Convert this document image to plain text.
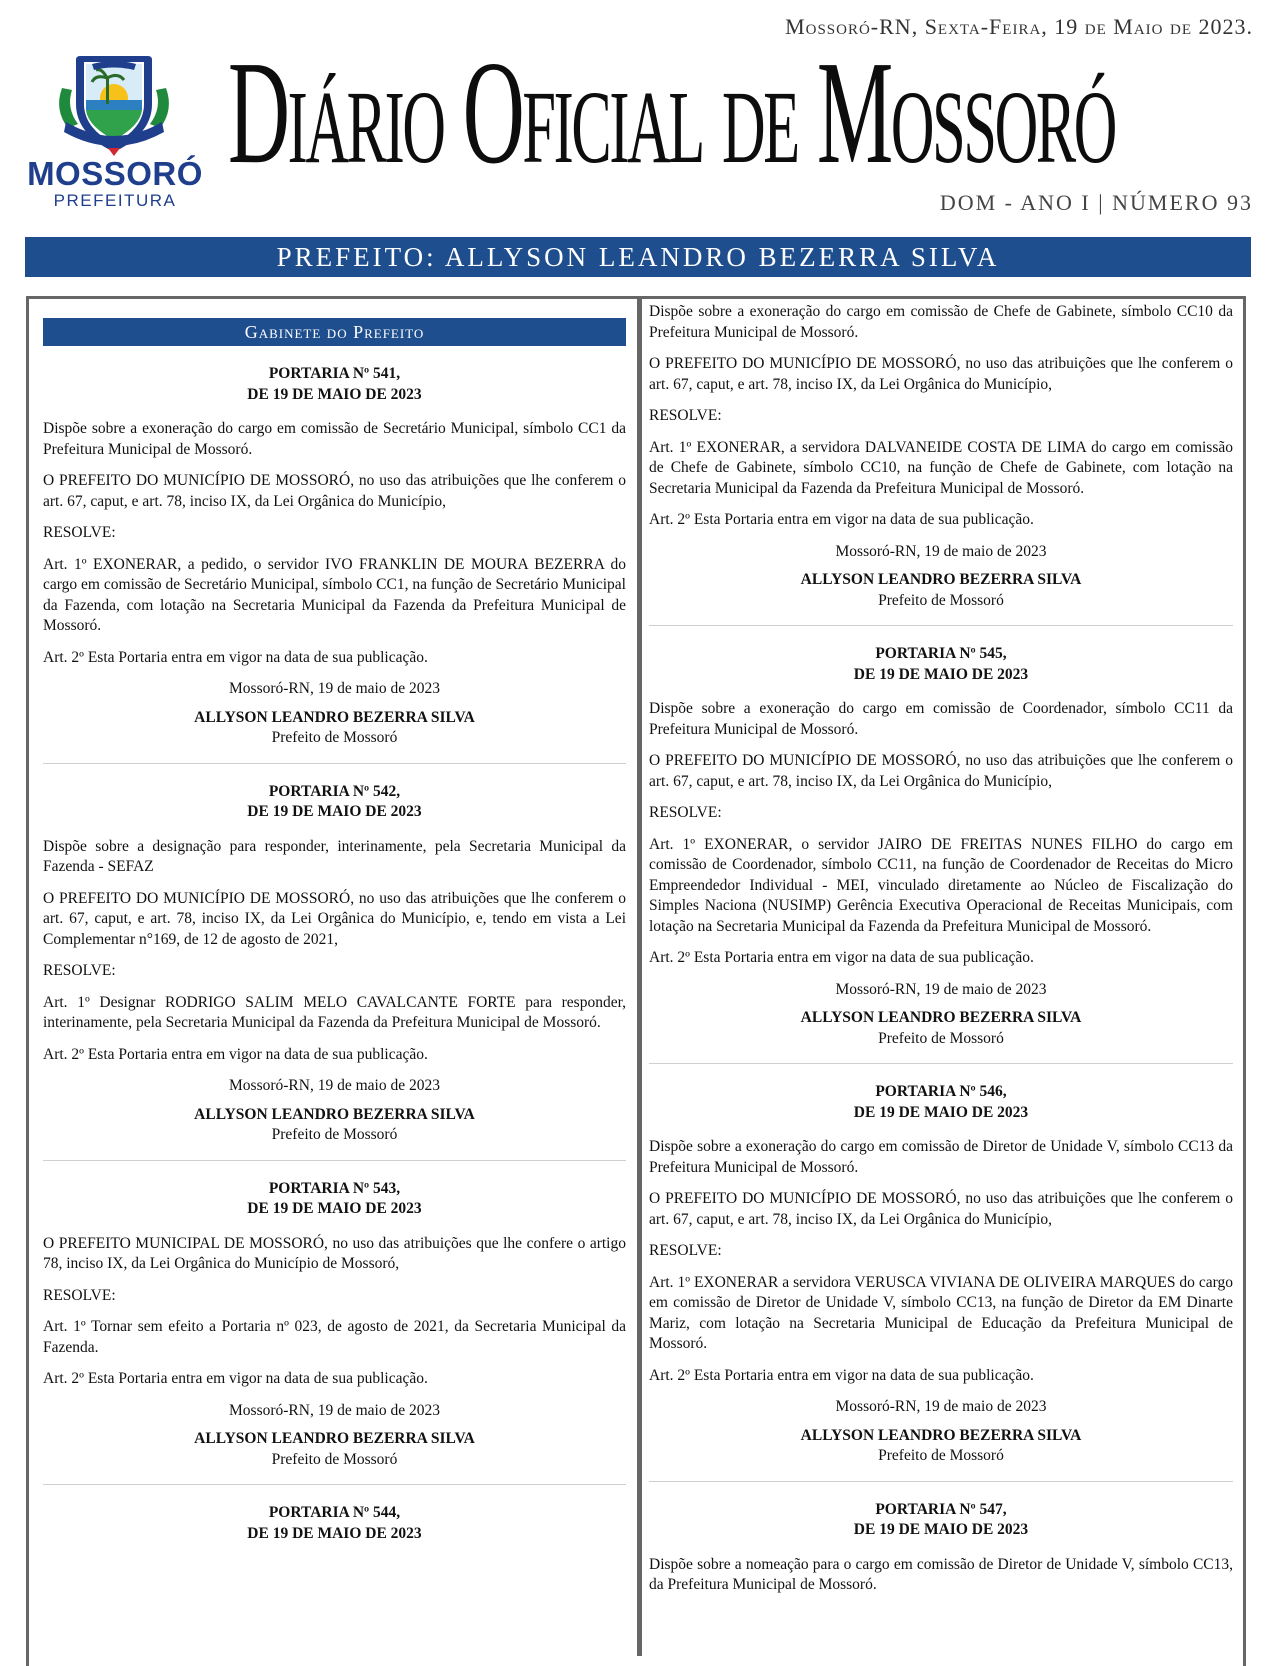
MOSSORÓ
PREFEITURA
Mossoró-RN, Sexta-Feira, 19 de Maio de 2023.
Diário Oficial de Mossoró
DOM - ANO I | NÚMERO 93
PREFEITO: ALLYSON LEANDRO BEZERRA SILVA
Gabinete do Prefeito
PORTARIA Nº 541,
DE 19 DE MAIO DE 2023

Dispõe sobre a exoneração do cargo em comissão de Secretário Municipal, símbolo CC1 da Prefeitura Municipal de Mossoró.

O PREFEITO DO MUNICÍPIO DE MOSSORÓ, no uso das atribuições que lhe conferem o art. 67, caput, e art. 78, inciso IX, da Lei Orgânica do Município,

RESOLVE:

Art. 1º EXONERAR, a pedido, o servidor IVO FRANKLIN DE MOURA BEZERRA do cargo em comissão de Secretário Municipal, símbolo CC1, na função de Secretário Municipal da Fazenda, com lotação na Secretaria Municipal da Fazenda da Prefeitura Municipal de Mossoró.

Art. 2º Esta Portaria entra em vigor na data de sua publicação.

Mossoró-RN, 19 de maio de 2023
ALLYSON LEANDRO BEZERRA SILVA
Prefeito de Mossoró
PORTARIA Nº 542,
DE 19 DE MAIO DE 2023

Dispõe sobre a designação para responder, interinamente, pela Secretaria Municipal da Fazenda - SEFAZ

O PREFEITO DO MUNICÍPIO DE MOSSORÓ, no uso das atribuições que lhe conferem o art. 67, caput, e art. 78, inciso IX, da Lei Orgânica do Município, e, tendo em vista a Lei Complementar n°169, de 12 de agosto de 2021,

RESOLVE:

Art. 1º Designar RODRIGO SALIM MELO CAVALCANTE FORTE para responder, interinamente, pela Secretaria Municipal da Fazenda da Prefeitura Municipal de Mossoró.

Art. 2º Esta Portaria entra em vigor na data de sua publicação.

Mossoró-RN, 19 de maio de 2023
ALLYSON LEANDRO BEZERRA SILVA
Prefeito de Mossoró
PORTARIA Nº 543,
DE 19 DE MAIO DE 2023

O PREFEITO MUNICIPAL DE MOSSORÓ, no uso das atribuições que lhe confere o artigo 78, inciso IX, da Lei Orgânica do Município de Mossoró,

RESOLVE:

Art. 1º Tornar sem efeito a Portaria nº 023, de agosto de 2021, da Secretaria Municipal da Fazenda.

Art. 2º Esta Portaria entra em vigor na data de sua publicação.

Mossoró-RN, 19 de maio de 2023
ALLYSON LEANDRO BEZERRA SILVA
Prefeito de Mossoró
PORTARIA Nº 544,
DE 19 DE MAIO DE 2023

Dispõe sobre a exoneração do cargo em comissão de Chefe de Gabinete, símbolo CC10 da Prefeitura Municipal de Mossoró.

O PREFEITO DO MUNICÍPIO DE MOSSORÓ, no uso das atribuições que lhe conferem o art. 67, caput, e art. 78, inciso IX, da Lei Orgânica do Município,

RESOLVE:

Art. 1º EXONERAR, a servidora DALVANEIDE COSTA DE LIMA do cargo em comissão de Chefe de Gabinete, símbolo CC10, na função de Chefe de Gabinete, com lotação na Secretaria Municipal da Fazenda da Prefeitura Municipal de Mossoró.

Art. 2º Esta Portaria entra em vigor na data de sua publicação.

Mossoró-RN, 19 de maio de 2023
ALLYSON LEANDRO BEZERRA SILVA
Prefeito de Mossoró
PORTARIA Nº 545,
DE 19 DE MAIO DE 2023

Dispõe sobre a exoneração do cargo em comissão de Coordenador, símbolo CC11 da Prefeitura Municipal de Mossoró.

O PREFEITO DO MUNICÍPIO DE MOSSORÓ, no uso das atribuições que lhe conferem o art. 67, caput, e art. 78, inciso IX, da Lei Orgânica do Município,

RESOLVE:

Art. 1º EXONERAR, o servidor JAIRO DE FREITAS NUNES FILHO do cargo em comissão de Coordenador, símbolo CC11, na função de Coordenador de Receitas do Micro Empreendedor Individual - MEI, vinculado diretamente ao Núcleo de Fiscalização do Simples Naciona (NUSIMP) Gerência Executiva Operacional de Receitas Municipais, com lotação na Secretaria Municipal da Fazenda da Prefeitura Municipal de Mossoró.

Art. 2º Esta Portaria entra em vigor na data de sua publicação.

Mossoró-RN, 19 de maio de 2023
ALLYSON LEANDRO BEZERRA SILVA
Prefeito de Mossoró
PORTARIA Nº 546,
DE 19 DE MAIO DE 2023

Dispõe sobre a exoneração do cargo em comissão de Diretor de Unidade V, símbolo CC13 da Prefeitura Municipal de Mossoró.

O PREFEITO DO MUNICÍPIO DE MOSSORÓ, no uso das atribuições que lhe conferem o art. 67, caput, e art. 78, inciso IX, da Lei Orgânica do Município,

RESOLVE:

Art. 1º EXONERAR a servidora VERUSCA VIVIANA DE OLIVEIRA MARQUES do cargo em comissão de Diretor de Unidade V, símbolo CC13, na função de Diretor da EM Dinarte Mariz, com lotação na Secretaria Municipal de Educação da Prefeitura Municipal de Mossoró.

Art. 2º Esta Portaria entra em vigor na data de sua publicação.

Mossoró-RN, 19 de maio de 2023
ALLYSON LEANDRO BEZERRA SILVA
Prefeito de Mossoró
PORTARIA Nº 547,
DE 19 DE MAIO DE 2023

Dispõe sobre a nomeação para o cargo em comissão de Diretor de Unidade V, símbolo CC13, da Prefeitura Municipal de Mossoró.
